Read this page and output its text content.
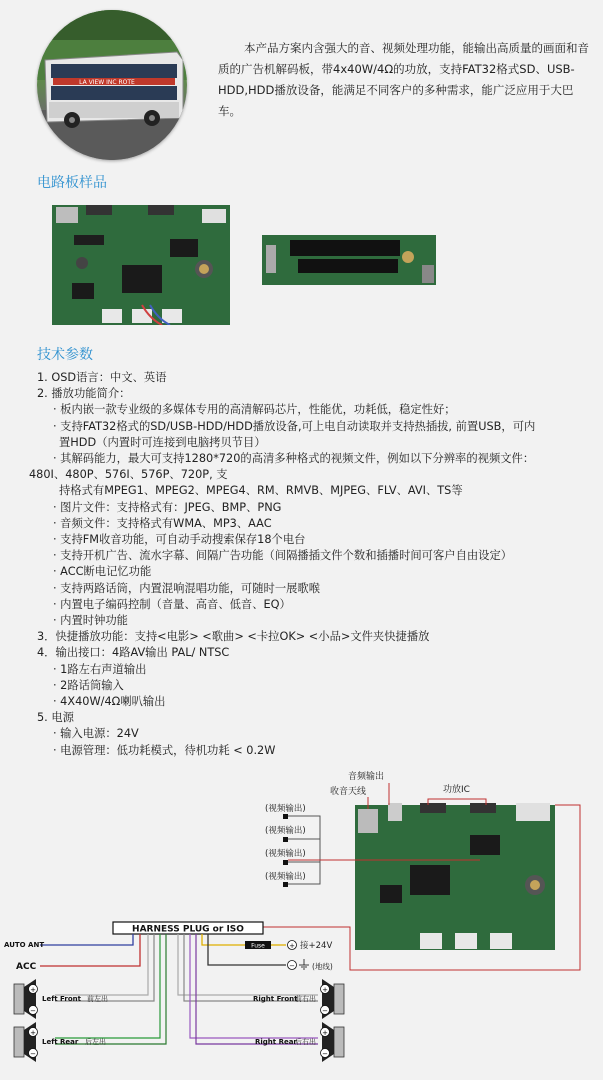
LA VIEW INC ROTE
本产品方案内含强大的音、视频处理功能，能输出高质量的画面和音质的广告机解码板，带4x40W/4Ω的功放，支持FAT32格式SD、USB-HDD,HDD播放设备，能满足不同客户的多种需求，能广泛应用于大巴车。
电路板样品
技术参数
1. OSD语言：中文、英语
2. 播放功能简介：
· 板内嵌一款专业级的多媒体专用的高清解码芯片，性能优，功耗低，稳定性好；
· 支持FAT32格式的SD/USB-HDD/HDD播放设备,可上电自动读取并支持热插拔, 前置USB，可内
置HDD（内置时可连接到电脑拷贝节目）
· 其解码能力，最大可支持1280*720的高清多种格式的视频文件，例如以下分辨率的视频文件：
480I、480P、576I、576P、720P, 支
持格式有MPEG1、MPEG2、MPEG4、RM、RMVB、MJPEG、FLV、AVI、TS等
· 图片文件：支持格式有：JPEG、BMP、PNG
· 音频文件：支持格式有WMA、MP3、AAC
· 支持FM收音功能，可自动手动搜索保存18个电台
· 支持开机广告、流水字幕、间隔广告功能（间隔播插文件个数和插播时间可客户自由设定）
· ACC断电记忆功能
· 支持两路话筒，内置混响混唱功能，可随时一展歌喉
· 内置电子编码控制（音量、高音、低音、EQ）
· 内置时钟功能
3．快捷播放功能：支持<电影> <歌曲> <卡拉OK> <小品>文件夹快捷播放
4．输出接口：4路AV输出 PAL/ NTSC
· 1路左右声道输出
· 2路话筒输入
· 4X40W/4Ω喇叭输出
5. 电源
· 输入电源：24V
· 电源管理：低功耗模式，待机功耗 < 0.2W
音频输出
收音天线	功放IC
(视频输出)
(视频输出)
(视频输出)
(视频输出)
HARNESS PLUG or ISO
AUTO ANT
ACC
Fuse	+ 接+24V
− (地线)
+
−
Left Front 前左出
+
−
Left Rear 后左出
+
−
Right Front
前右出
+
−
Right Rear
后右出
